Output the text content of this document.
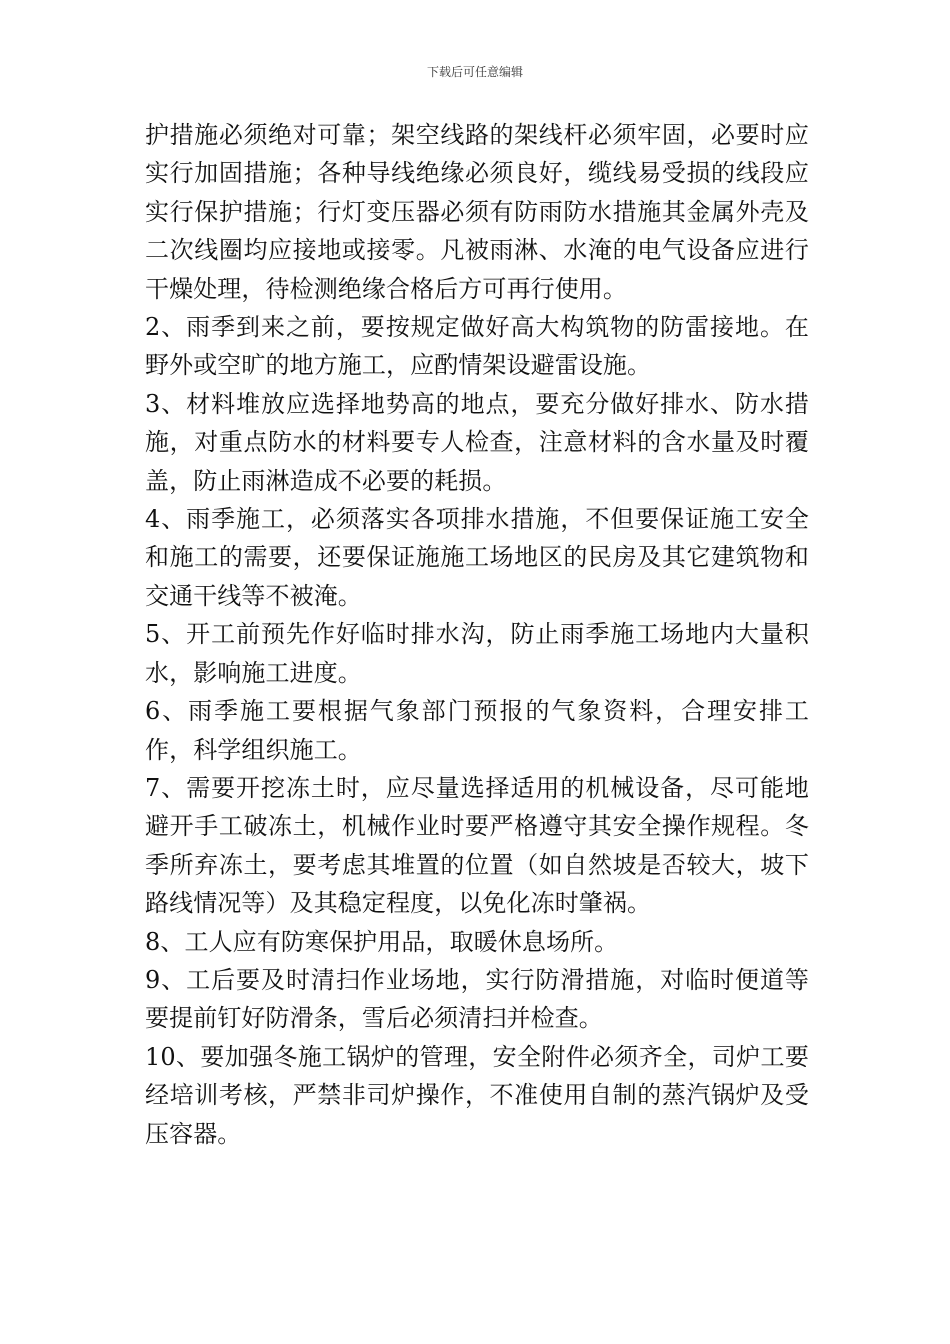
下载后可任意编辑

护措施必须绝对可靠；架空线路的架线杆必须牢固，必要时应实行加固措施；各种导线绝缘必须良好，缆线易受损的线段应实行保护措施；行灯变压器必须有防雨防水措施其金属外壳及二次线圈均应接地或接零。凡被雨淋、水淹的电气设备应进行干燥处理，待检测绝缘合格后方可再行使用。

2、雨季到来之前，要按规定做好高大构筑物的防雷接地。在野外或空旷的地方施工，应酌情架设避雷设施。

3、材料堆放应选择地势高的地点，要充分做好排水、防水措施，对重点防水的材料要专人检查，注意材料的含水量及时覆盖，防止雨淋造成不必要的耗损。

4、雨季施工，必须落实各项排水措施，不但要保证施工安全和施工的需要，还要保证施施工场地区的民房及其它建筑物和交通干线等不被淹。

5、开工前预先作好临时排水沟，防止雨季施工场地内大量积水，影响施工进度。

6、雨季施工要根据气象部门预报的气象资料，合理安排工作，科学组织施工。

7、需要开挖冻土时，应尽量选择适用的机械设备，尽可能地避开手工破冻土，机械作业时要严格遵守其安全操作规程。冬季所弃冻土，要考虑其堆置的位置（如自然坡是否较大，坡下路线情况等）及其稳定程度，以免化冻时肇祸。

8、工人应有防寒保护用品，取暖休息场所。

9、工后要及时清扫作业场地，实行防滑措施，对临时便道等要提前钉好防滑条，雪后必须清扫并检查。

10、要加强冬施工锅炉的管理，安全附件必须齐全，司炉工要经培训考核，严禁非司炉操作，不准使用自制的蒸汽锅炉及受压容器。
